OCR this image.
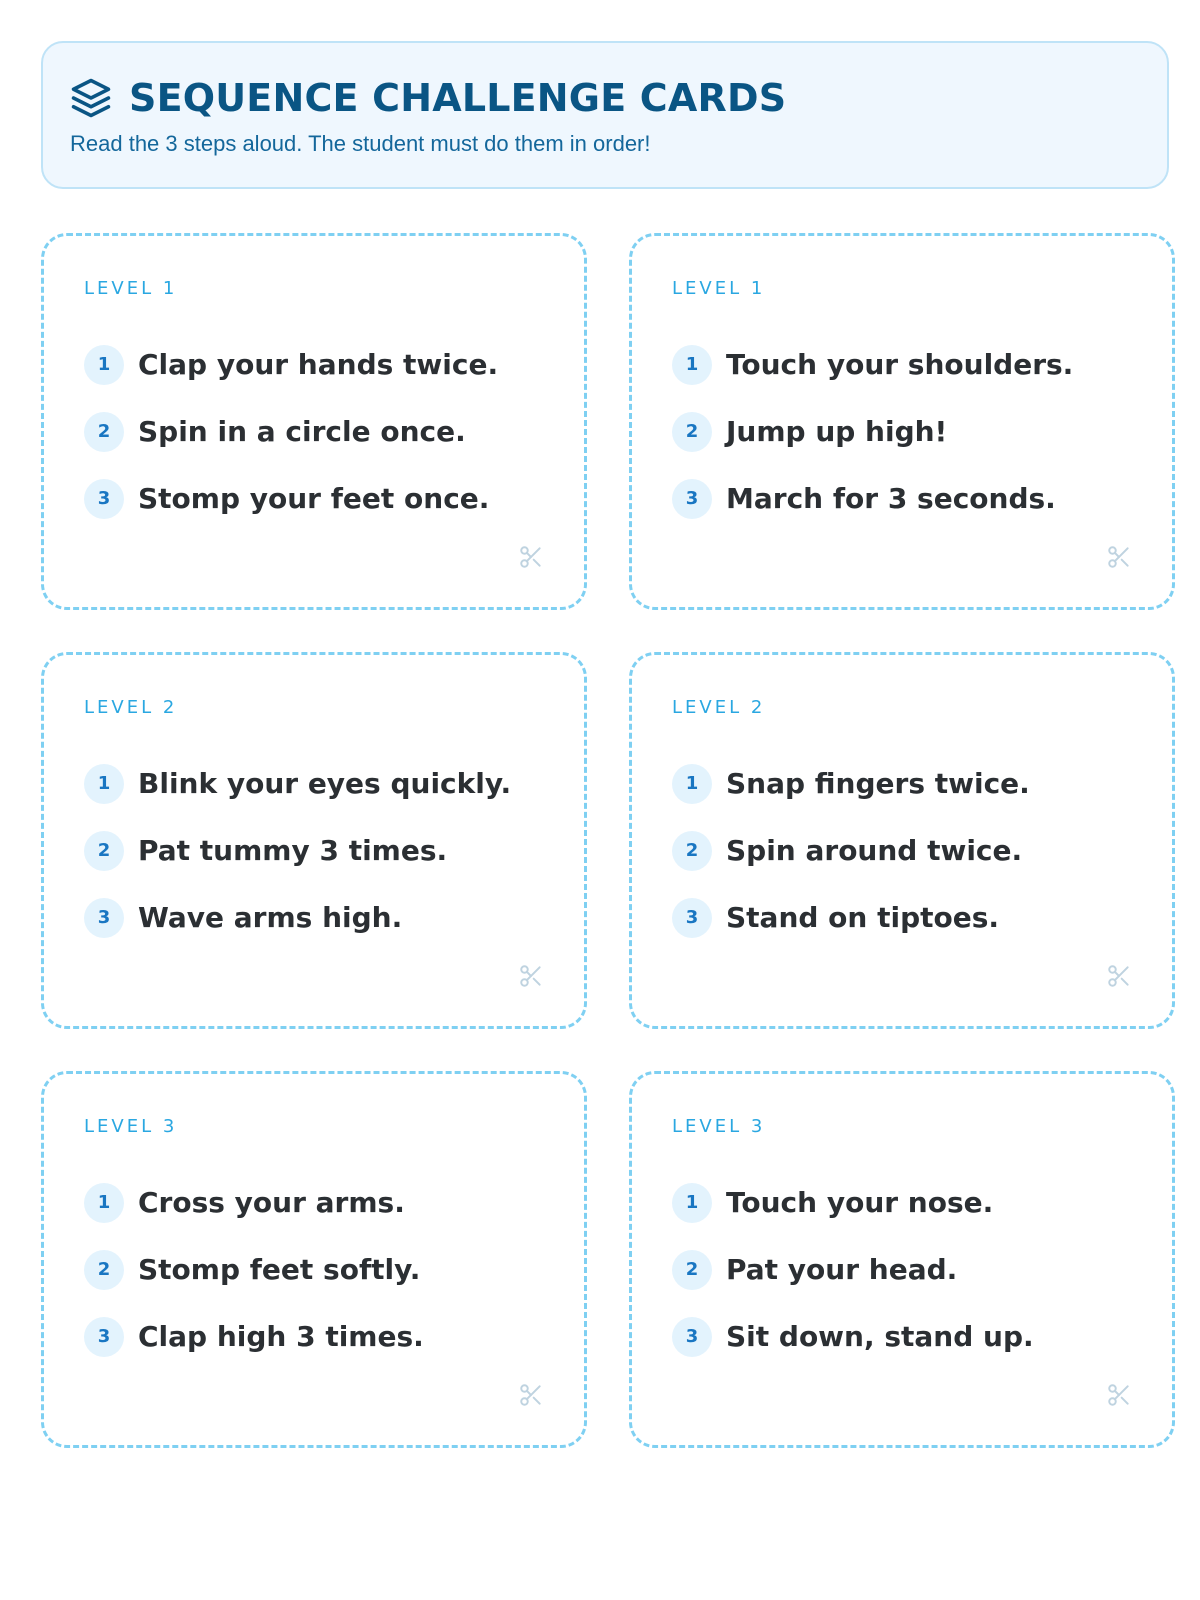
SEQUENCE CHALLENGE CARDS
Read the 3 steps aloud. The student must do them in order!
LEVEL 1
1 Clap your hands twice.
2 Spin in a circle once.
3 Stomp your feet once.
LEVEL 1
1 Touch your shoulders.
2 Jump up high!
3 March for 3 seconds.
LEVEL 2
1 Blink your eyes quickly.
2 Pat tummy 3 times.
3 Wave arms high.
LEVEL 2
1 Snap fingers twice.
2 Spin around twice.
3 Stand on tiptoes.
LEVEL 3
1 Cross your arms.
2 Stomp feet softly.
3 Clap high 3 times.
LEVEL 3
1 Touch your nose.
2 Pat your head.
3 Sit down, stand up.
